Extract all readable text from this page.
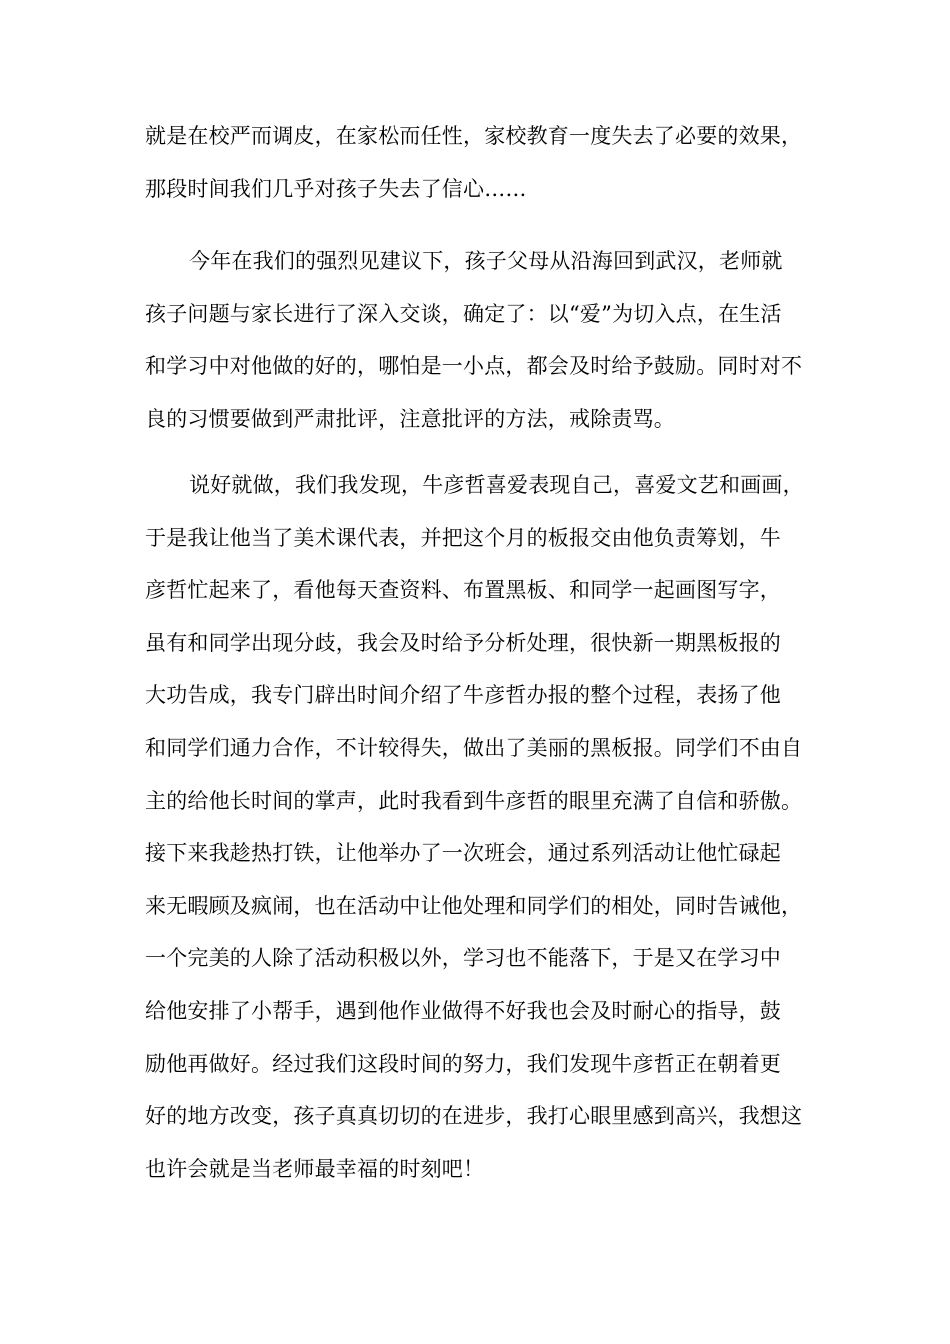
就是在校严而调皮，在家松而任性，家校教育一度失去了必要的效果，
那段时间我们几乎对孩子失去了信心……
今年在我们的强烈见建议下，孩子父母从沿海回到武汉，老师就
孩子问题与家长进行了深入交谈，确定了：以“爱”为切入点，在生活
和学习中对他做的好的，哪怕是一小点，都会及时给予鼓励。同时对不
良的习惯要做到严肃批评，注意批评的方法，戒除责骂。
说好就做，我们我发现，牛彦哲喜爱表现自己，喜爱文艺和画画，
于是我让他当了美术课代表，并把这个月的板报交由他负责筹划，牛
彦哲忙起来了，看他每天查资料、布置黑板、和同学一起画图写字，
虽有和同学出现分歧，我会及时给予分析处理，很快新一期黑板报的
大功告成，我专门辟出时间介绍了牛彦哲办报的整个过程，表扬了他
和同学们通力合作，不计较得失，做出了美丽的黑板报。同学们不由自
主的给他长时间的掌声，此时我看到牛彦哲的眼里充满了自信和骄傲。
接下来我趁热打铁，让他举办了一次班会，通过系列活动让他忙碌起
来无暇顾及疯闹，也在活动中让他处理和同学们的相处，同时告诫他，
一个完美的人除了活动积极以外，学习也不能落下，于是又在学习中
给他安排了小帮手，遇到他作业做得不好我也会及时耐心的指导，鼓
励他再做好。经过我们这段时间的努力，我们发现牛彦哲正在朝着更
好的地方改变，孩子真真切切的在进步，我打心眼里感到高兴，我想这
也许会就是当老师最幸福的时刻吧！
